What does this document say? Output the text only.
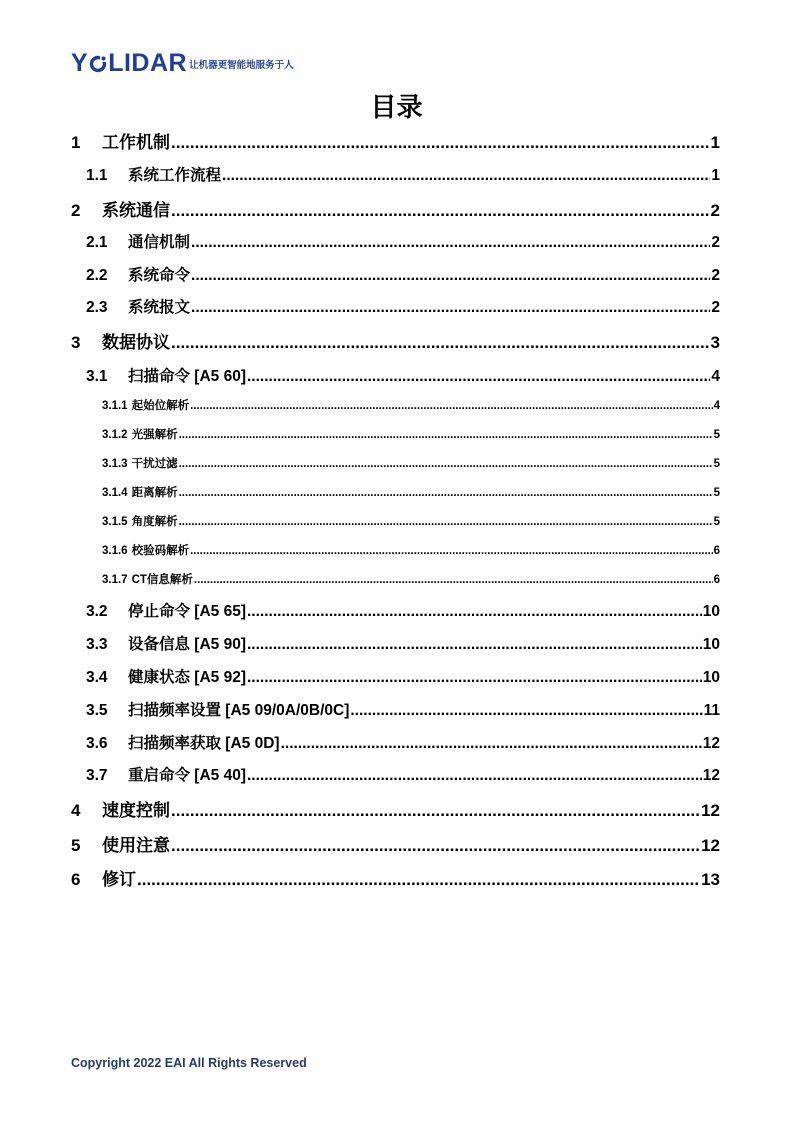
Y LIDAR 让机器更智能地服务于人
目录
1 工作机制 .....	1
1.1 系统工作流程 .....	1
2 系统通信 .....	2
2.1 通信机制 .....	2
2.2 系统命令 .....	2
2.3 系统报文 .....	2
3 数据协议 .....	3
3.1 扫描命令 [A5 60] .....	4
3.1.1 起始位解析 .....	4
3.1.2 光强解析 .....	5
3.1.3 干扰过滤 .....	5
3.1.4 距离解析 .....	5
3.1.5 角度解析 .....	5
3.1.6 校验码解析 .....	6
3.1.7 CT信息解析 .....	6
3.2 停止命令 [A5 65] .....	10
3.3 设备信息 [A5 90] .....	10
3.4 健康状态 [A5 92] .....	10
3.5 扫描频率设置 [A5 09/0A/0B/0C] .....	11
3.6 扫描频率获取 [A5 0D] .....	12
3.7 重启命令 [A5 40] .....	12
4 速度控制 .....	12
5 使用注意 .....	12
6 修订 .....	13
Copyright 2022 EAI All Rights Reserved
